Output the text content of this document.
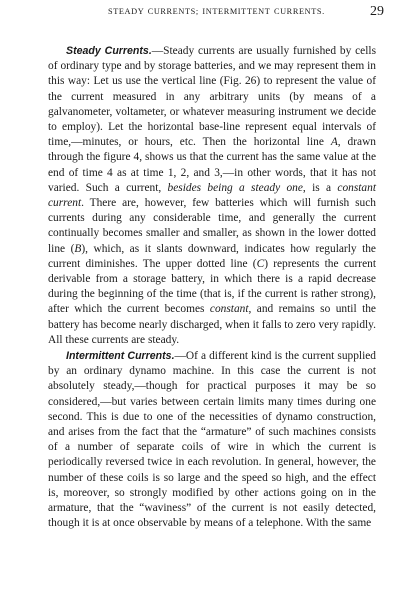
STEADY CURRENTS; INTERMITTENT CURRENTS.	29

Steady Currents.—Steady currents are usually furnished by cells of ordinary type and by storage batteries, and we may represent them in this way: Let us use the vertical line (Fig. 26) to represent the value of the current measured in any arbitrary units (by means of a galvanometer, voltameter, or whatever measuring instrument we decide to employ). Let the horizontal base-line represent equal intervals of time,—minutes, or hours, etc. Then the horizontal line A, drawn through the figure 4, shows us that the current has the same value at the end of time 4 as at time 1, 2, and 3,—in other words, that it has not varied. Such a current, besides being a steady one, is a constant current. There are, however, few batteries which will furnish such currents during any considerable time, and generally the current continually becomes smaller and smaller, as shown in the lower dotted line (B), which, as it slants downward, indicates how regularly the current diminishes. The upper dotted line (C) represents the current derivable from a storage battery, in which there is a rapid decrease during the beginning of the time (that is, if the current is rather strong), after which the current becomes constant, and remains so until the battery has become nearly discharged, when it falls to zero very rapidly. All these currents are steady.

Intermittent Currents.—Of a different kind is the current supplied by an ordinary dynamo machine. In this case the current is not absolutely steady,—though for practical purposes it may be so considered,—but varies between certain limits many times during one second. This is due to one of the necessities of dynamo construction, and arises from the fact that the “armature” of such machines consists of a number of separate coils of wire in which the current is periodically reversed twice in each revolution. In general, however, the number of these coils is so large and the speed so high, and the effect is, moreover, so strongly modified by other actions going on in the armature, that the “waviness” of the current is not easily detected, though it is at once observable by means of a telephone. With the same
